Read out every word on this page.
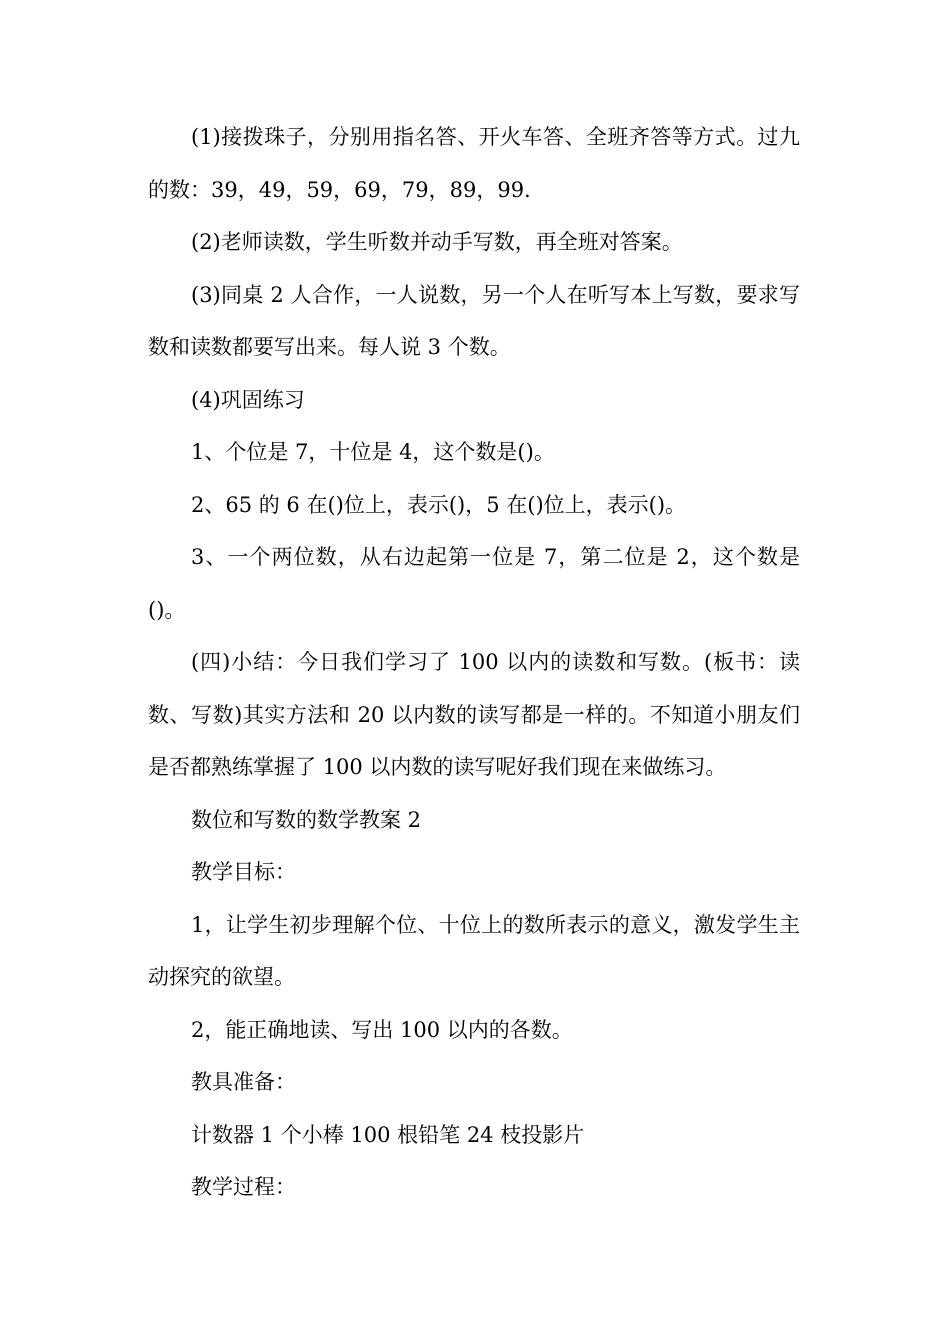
(1)接拨珠子，分别用指名答、开火车答、全班齐答等方式。过九的数：39，49，59，69，79，89，99.

(2)老师读数，学生听数并动手写数，再全班对答案。

(3)同桌 2 人合作，一人说数，另一个人在听写本上写数，要求写数和读数都要写出来。每人说 3 个数。

(4)巩固练习

1、个位是 7，十位是 4，这个数是()。

2、65 的 6 在()位上，表示()，5 在()位上，表示()。

3、一个两位数，从右边起第一位是 7，第二位是 2，这个数是()。

(四)小结：今日我们学习了 100 以内的读数和写数。(板书：读数、写数)其实方法和 20 以内数的读写都是一样的。不知道小朋友们是否都熟练掌握了 100 以内数的读写呢好我们现在来做练习。

数位和写数的数学教案 2

教学目标：

1，让学生初步理解个位、十位上的数所表示的意义，激发学生主动探究的欲望。

2，能正确地读、写出 100 以内的各数。

教具准备：

计数器 1 个小棒 100 根铅笔 24 枝投影片

教学过程：
